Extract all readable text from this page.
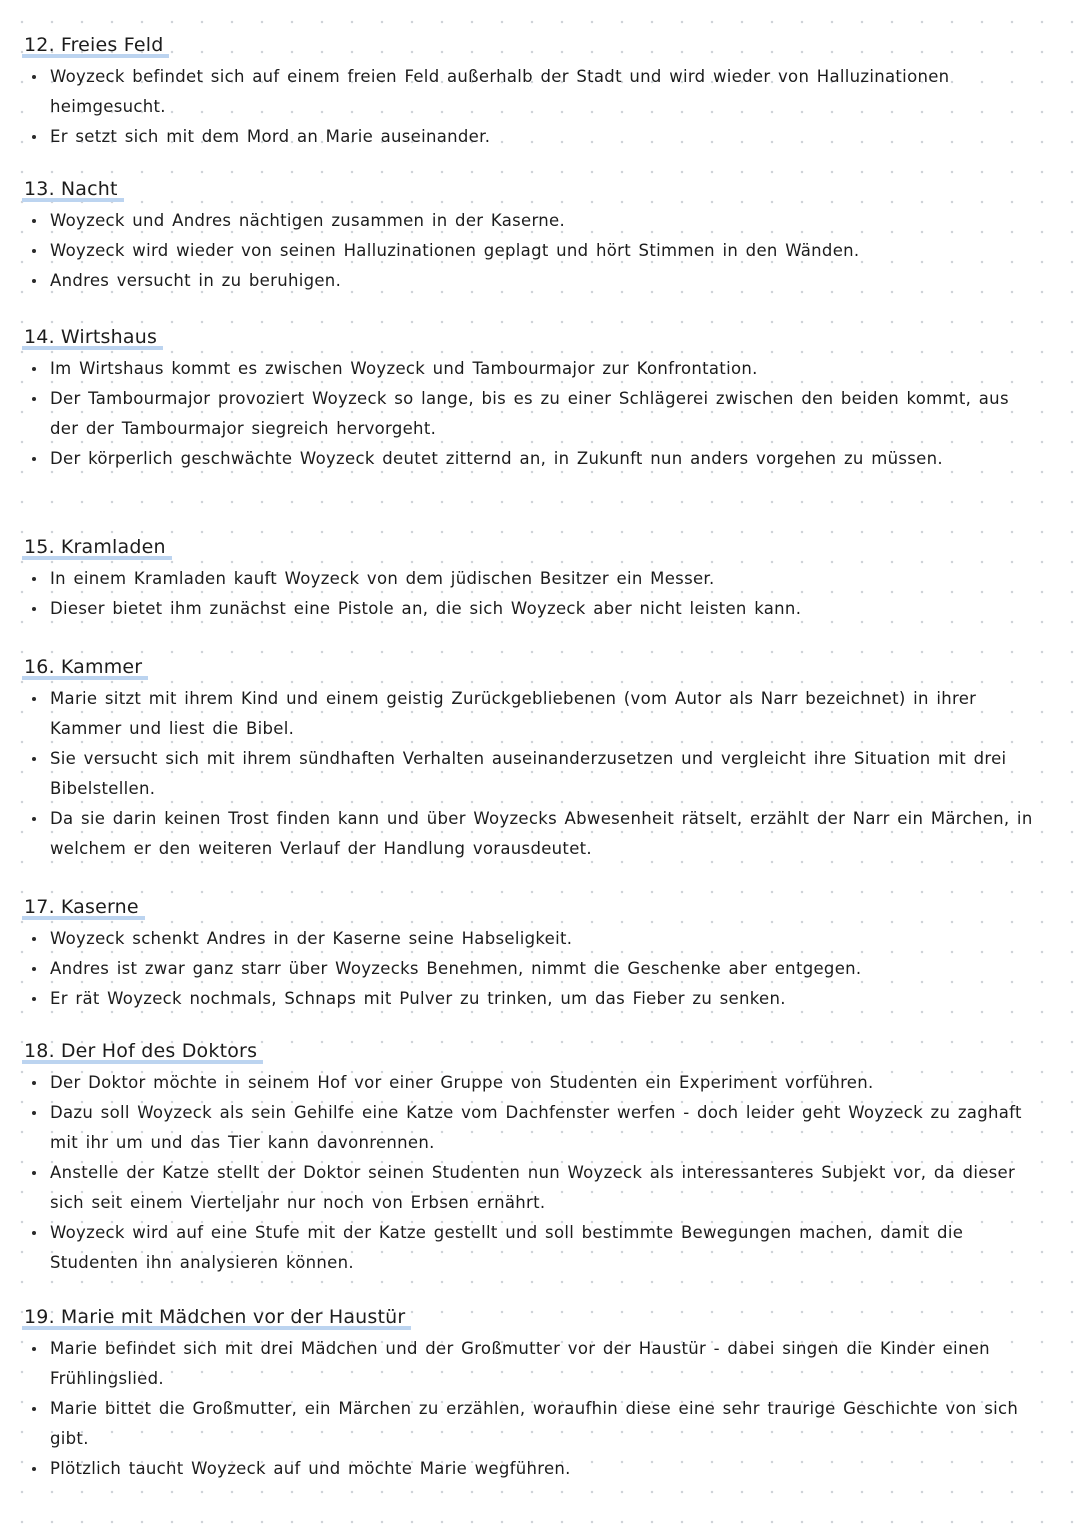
12. Freies Feld
Woyzeck befindet sich auf einem freien Feld außerhalb der Stadt und wird wieder von Halluzinationen heimgesucht.
Er setzt sich mit dem Mord an Marie auseinander.
13. Nacht
Woyzeck und Andres nächtigen zusammen in der Kaserne.
Woyzeck wird wieder von seinen Halluzinationen geplagt und hört Stimmen in den Wänden.
Andres versucht in zu beruhigen.
14. Wirtshaus
Im Wirtshaus kommt es zwischen Woyzeck und Tambourmajor zur Konfrontation.
Der Tambourmajor provoziert Woyzeck so lange, bis es zu einer Schlägerei zwischen den beiden kommt, aus der der Tambourmajor siegreich hervorgeht.
Der körperlich geschwächte Woyzeck deutet zitternd an, in Zukunft nun anders vorgehen zu müssen.
15. Kramladen
In einem Kramladen kauft Woyzeck von dem jüdischen Besitzer ein Messer.
Dieser bietet ihm zunächst eine Pistole an, die sich Woyzeck aber nicht leisten kann.
16. Kammer
Marie sitzt mit ihrem Kind und einem geistig Zurückgebliebenen (vom Autor als Narr bezeichnet) in ihrer Kammer und liest die Bibel.
Sie versucht sich mit ihrem sündhaften Verhalten auseinanderzusetzen und vergleicht ihre Situation mit drei Bibelstellen.
Da sie darin keinen Trost finden kann und über Woyzecks Abwesenheit rätselt, erzählt der Narr ein Märchen, in welchem er den weiteren Verlauf der Handlung vorausdeutet.
17. Kaserne
Woyzeck schenkt Andres in der Kaserne seine Habseligkeit.
Andres ist zwar ganz starr über Woyzecks Benehmen, nimmt die Geschenke aber entgegen.
Er rät Woyzeck nochmals, Schnaps mit Pulver zu trinken, um das Fieber zu senken.
18. Der Hof des Doktors
Der Doktor möchte in seinem Hof vor einer Gruppe von Studenten ein Experiment vorführen.
Dazu soll Woyzeck als sein Gehilfe eine Katze vom Dachfenster werfen - doch leider geht Woyzeck zu zaghaft mit ihr um und das Tier kann davonrennen.
Anstelle der Katze stellt der Doktor seinen Studenten nun Woyzeck als interessanteres Subjekt vor, da dieser sich seit einem Vierteljahr nur noch von Erbsen ernährt.
Woyzeck wird auf eine Stufe mit der Katze gestellt und soll bestimmte Bewegungen machen, damit die Studenten ihn analysieren können.
19. Marie mit Mädchen vor der Haustür
Marie befindet sich mit drei Mädchen und der Großmutter vor der Haustür - dabei singen die Kinder einen Frühlingslied.
Marie bittet die Großmutter, ein Märchen zu erzählen, woraufhin diese eine sehr traurige Geschichte von sich gibt.
Plötzlich taucht Woyzeck auf und möchte Marie wegführen.
